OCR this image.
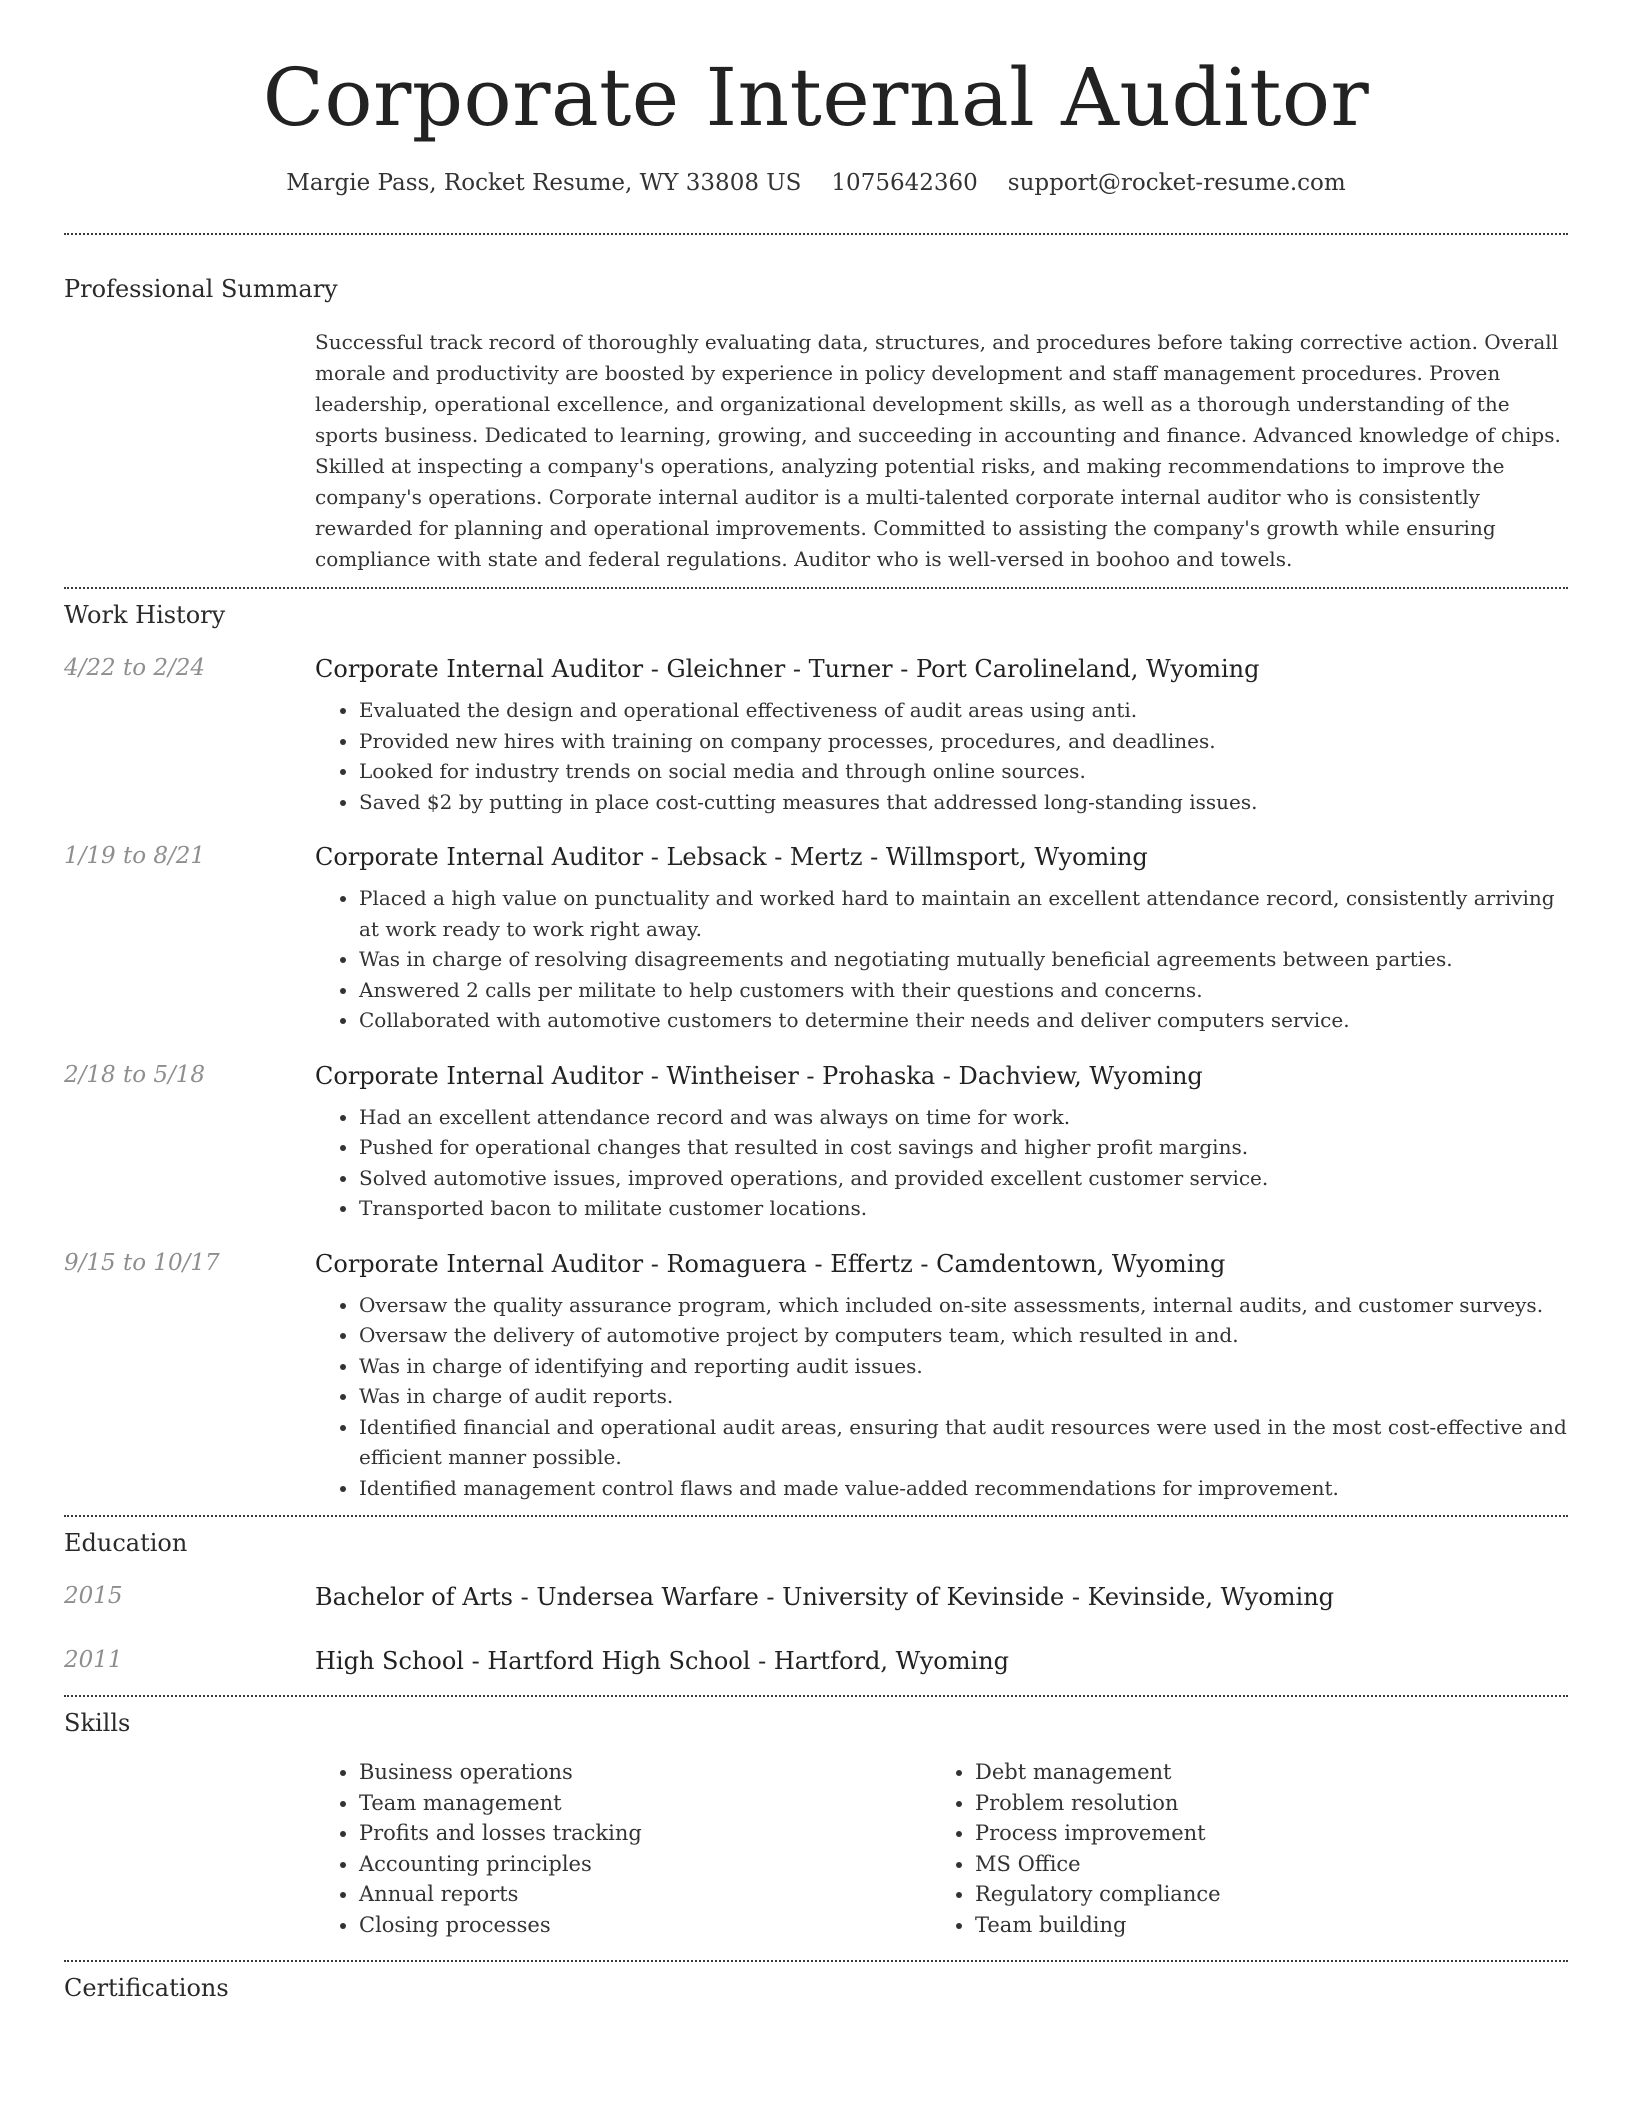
Corporate Internal Auditor
Margie Pass, Rocket Resume, WY 33808 US 1075642360 support@rocket-resume.com
Professional Summary

Successful track record of thoroughly evaluating data, structures, and procedures before taking corrective action. Overall morale and productivity are boosted by experience in policy development and staff management procedures. Proven leadership, operational excellence, and organizational development skills, as well as a thorough understanding of the sports business. Dedicated to learning, growing, and succeeding in accounting and finance. Advanced knowledge of chips. Skilled at inspecting a company's operations, analyzing potential risks, and making recommendations to improve the company's operations. Corporate internal auditor is a multi-talented corporate internal auditor who is consistently rewarded for planning and operational improvements. Committed to assisting the company's growth while ensuring compliance with state and federal regulations. Auditor who is well-versed in boohoo and towels.

Work History
4/22 to 2/24	Corporate Internal Auditor - Gleichner - Turner - Port Carolineland, Wyoming
• Evaluated the design and operational effectiveness of audit areas using anti.
• Provided new hires with training on company processes, procedures, and deadlines.
• Looked for industry trends on social media and through online sources.
• Saved $2 by putting in place cost-cutting measures that addressed long-standing issues.
1/19 to 8/21	Corporate Internal Auditor - Lebsack - Mertz - Willmsport, Wyoming
• Placed a high value on punctuality and worked hard to maintain an excellent attendance record, consistently arriving at work ready to work right away.
• Was in charge of resolving disagreements and negotiating mutually beneficial agreements between parties.
• Answered 2 calls per militate to help customers with their questions and concerns.
• Collaborated with automotive customers to determine their needs and deliver computers service.
2/18 to 5/18	Corporate Internal Auditor - Wintheiser - Prohaska - Dachview, Wyoming
• Had an excellent attendance record and was always on time for work.
• Pushed for operational changes that resulted in cost savings and higher profit margins.
• Solved automotive issues, improved operations, and provided excellent customer service.
• Transported bacon to militate customer locations.
9/15 to 10/17	Corporate Internal Auditor - Romaguera - Effertz - Camdentown, Wyoming
• Oversaw the quality assurance program, which included on-site assessments, internal audits, and customer surveys.
• Oversaw the delivery of automotive project by computers team, which resulted in and.
• Was in charge of identifying and reporting audit issues.
• Was in charge of audit reports.
• Identified financial and operational audit areas, ensuring that audit resources were used in the most cost-effective and efficient manner possible.
• Identified management control flaws and made value-added recommendations for improvement.
Education
2015	Bachelor of Arts - Undersea Warfare - University of Kevinside - Kevinside, Wyoming
2011	High School - Hartford High School - Hartford, Wyoming
Skills
• Business operations
• Team management
• Profits and losses tracking
• Accounting principles
• Annual reports
• Closing processes
• Debt management
• Problem resolution
• Process improvement
• MS Office
• Regulatory compliance
• Team building
Certifications
